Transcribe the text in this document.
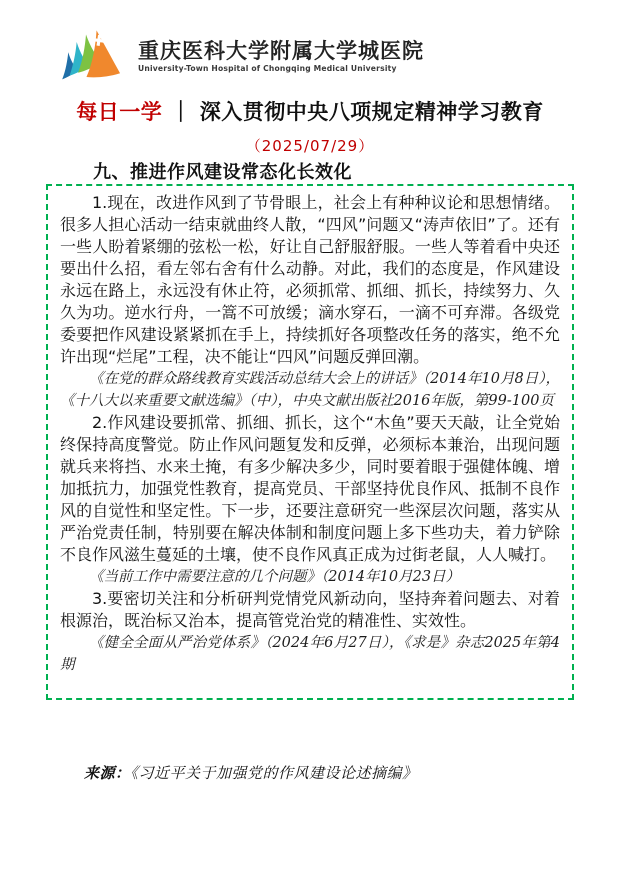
重庆医科大学附属大学城医院
University-Town Hospital of Chongqing Medical University
每日一学 ｜ 深入贯彻中央八项规定精神学习教育
（2025/07/29）
九、推进作风建设常态化长效化

1.现在，改进作风到了节骨眼上，社会上有种种议论和思想情绪。很多人担心活动一结束就曲终人散，“四风”问题又“涛声依旧”了。还有一些人盼着紧绷的弦松一松，好让自己舒服舒服。一些人等着看中央还要出什么招，看左邻右舍有什么动静。对此，我们的态度是，作风建设永远在路上，永远没有休止符，必须抓常、抓细、抓长，持续努力、久久为功。逆水行舟，一篙不可放缓；滴水穿石，一滴不可弃滞。各级党委要把作风建设紧紧抓在手上，持续抓好各项整改任务的落实，绝不允许出现“烂尾”工程，决不能让“四风”问题反弹回潮。

《在党的群众路线教育实践活动总结大会上的讲话》（2014年10月8日），《十八大以来重要文献选编》（中），中央文献出版社2016年版，第99-100页

2.作风建设要抓常、抓细、抓长，这个“木鱼”要天天敲，让全党始终保持高度警觉。防止作风问题复发和反弹，必须标本兼治，出现问题就兵来将挡、水来土掩，有多少解决多少，同时要着眼于强健体魄、增加抵抗力，加强党性教育，提高党员、干部坚持优良作风、抵制不良作风的自觉性和坚定性。下一步，还要注意研究一些深层次问题，落实从严治党责任制，特别要在解决体制和制度问题上多下些功夫，着力铲除不良作风滋生蔓延的土壤，使不良作风真正成为过街老鼠，人人喊打。

《当前工作中需要注意的几个问题》（2014年10月23日）

3.要密切关注和分析研判党情党风新动向，坚持奔着问题去、对着根源治，既治标又治本，提高管党治党的精准性、实效性。

《健全全面从严治党体系》（2024年6月27日），《求是》杂志2025年第4期

来源：《习近平关于加强党的作风建设论述摘编》
